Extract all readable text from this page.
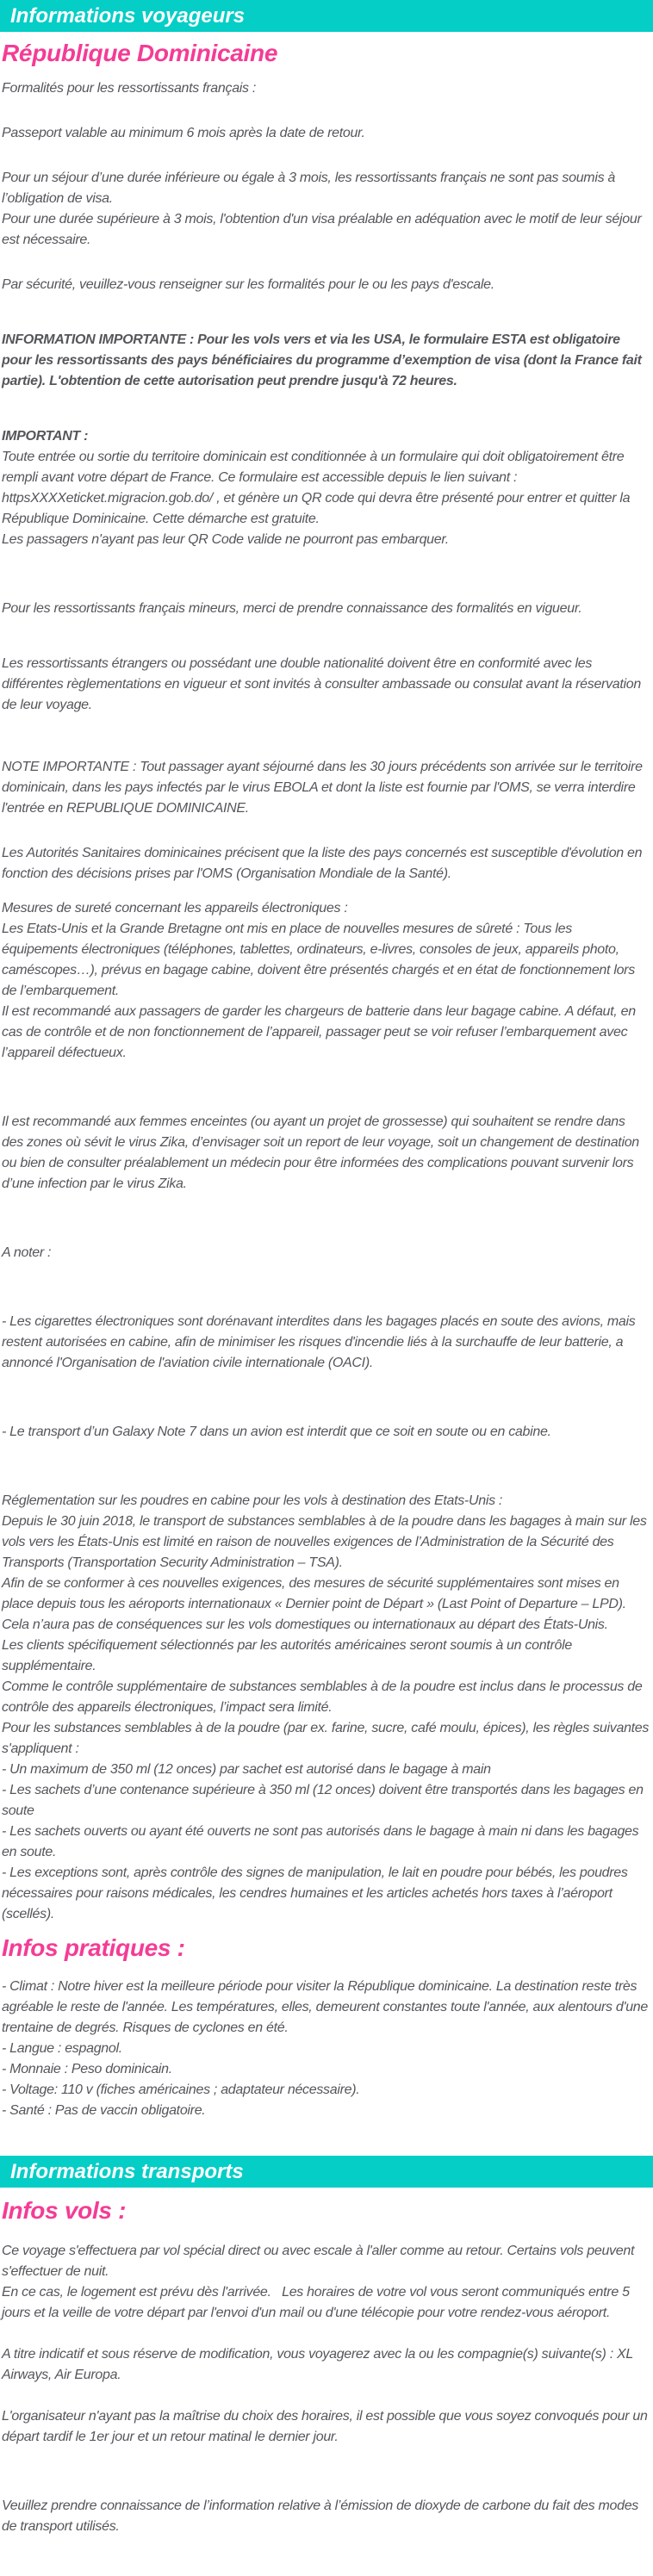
Informations voyageurs
République Dominicaine

Formalités pour les ressortissants français :

Passeport valable au minimum 6 mois après la date de retour.

Pour un séjour d’une durée inférieure ou égale à 3 mois, les ressortissants français ne sont pas soumis à l’obligation de visa.

Pour une durée supérieure à 3 mois, l'obtention d'un visa préalable en adéquation avec le motif de leur séjour est nécessaire.

Par sécurité, veuillez-vous renseigner sur les formalités pour le ou les pays d'escale.

INFORMATION IMPORTANTE : Pour les vols vers et via les USA, le formulaire ESTA est obligatoire pour les ressortissants des pays bénéficiaires du programme d’exemption de visa (dont la France fait partie). L'obtention de cette autorisation peut prendre jusqu'à 72 heures.

IMPORTANT :

Toute entrée ou sortie du territoire dominicain est conditionnée à un formulaire qui doit obligatoirement être rempli avant votre départ de France. Ce formulaire est accessible depuis le lien suivant : httpsXXXXeticket.migracion.gob.do/ , et génère un QR code qui devra être présenté pour entrer et quitter la République Dominicaine. Cette démarche est gratuite.

Les passagers n'ayant pas leur QR Code valide ne pourront pas embarquer.

Pour les ressortissants français mineurs, merci de prendre connaissance des formalités en vigueur.

Les ressortissants étrangers ou possédant une double nationalité doivent être en conformité avec les différentes règlementations en vigueur et sont invités à consulter ambassade ou consulat avant la réservation de leur voyage.

NOTE IMPORTANTE : Tout passager ayant séjourné dans les 30 jours précédents son arrivée sur le territoire dominicain, dans les pays infectés par le virus EBOLA et dont la liste est fournie par l'OMS, se verra interdire l'entrée en REPUBLIQUE DOMINICAINE.

Les Autorités Sanitaires dominicaines précisent que la liste des pays concernés est susceptible d'évolution en fonction des décisions prises par l'OMS (Organisation Mondiale de la Santé).

Mesures de sureté concernant les appareils électroniques :

Les Etats-Unis et la Grande Bretagne ont mis en place de nouvelles mesures de sûreté : Tous les équipements électroniques (téléphones, tablettes, ordinateurs, e-livres, consoles de jeux, appareils photo, caméscopes…), prévus en bagage cabine, doivent être présentés chargés et en état de fonctionnement lors de l’embarquement.

Il est recommandé aux passagers de garder les chargeurs de batterie dans leur bagage cabine. A défaut, en cas de contrôle et de non fonctionnement de l’appareil, passager peut se voir refuser l’embarquement avec l’appareil défectueux.

Il est recommandé aux femmes enceintes (ou ayant un projet de grossesse) qui souhaitent se rendre dans des zones où sévit le virus Zika, d’envisager soit un report de leur voyage, soit un changement de destination ou bien de consulter préalablement un médecin pour être informées des complications pouvant survenir lors d’une infection par le virus Zika.

A noter :

- Les cigarettes électroniques sont dorénavant interdites dans les bagages placés en soute des avions, mais restent autorisées en cabine, afin de minimiser les risques d'incendie liés à la surchauffe de leur batterie, a annoncé l'Organisation de l'aviation civile internationale (OACI).

- Le transport d’un Galaxy Note 7 dans un avion est interdit que ce soit en soute ou en cabine.

Réglementation sur les poudres en cabine pour les vols à destination des Etats-Unis :

Depuis le 30 juin 2018, le transport de substances semblables à de la poudre dans les bagages à main sur les vols vers les États-Unis est limité en raison de nouvelles exigences de l’Administration de la Sécurité des Transports (Transportation Security Administration – TSA).

Afin de se conformer à ces nouvelles exigences, des mesures de sécurité supplémentaires sont mises en place depuis tous les aéroports internationaux « Dernier point de Départ » (Last Point of Departure – LPD). Cela n’aura pas de conséquences sur les vols domestiques ou internationaux au départ des États-Unis.

Les clients spécifiquement sélectionnés par les autorités américaines seront soumis à un contrôle supplémentaire.

Comme le contrôle supplémentaire de substances semblables à de la poudre est inclus dans le processus de contrôle des appareils électroniques, l’impact sera limité.

Pour les substances semblables à de la poudre (par ex. farine, sucre, café moulu, épices), les règles suivantes s'appliquent :

- Un maximum de 350 ml (12 onces) par sachet est autorisé dans le bagage à main

- Les sachets d’une contenance supérieure à 350 ml (12 onces) doivent être transportés dans les bagages en soute

- Les sachets ouverts ou ayant été ouverts ne sont pas autorisés dans le bagage à main ni dans les bagages en soute.

- Les exceptions sont, après contrôle des signes de manipulation, le lait en poudre pour bébés, les poudres nécessaires pour raisons médicales, les cendres humaines et les articles achetés hors taxes à l’aéroport (scellés).

Infos pratiques :

- Climat : Notre hiver est la meilleure période pour visiter la République dominicaine. La destination reste très agréable le reste de l'année. Les températures, elles, demeurent constantes toute l'année, aux alentours d'une trentaine de degrés. Risques de cyclones en été.

- Langue : espagnol.

- Monnaie : Peso dominicain.

- Voltage: 110 v (fiches américaines ; adaptateur nécessaire).

- Santé : Pas de vaccin obligatoire.

Informations transports
Infos vols :

Ce voyage s'effectuera par vol spécial direct ou avec escale à l'aller comme au retour. Certains vols peuvent s'effectuer de nuit.

En ce cas, le logement est prévu dès l'arrivée.   Les horaires de votre vol vous seront communiqués entre 5 jours et la veille de votre départ par l'envoi d'un mail ou d'une télécopie pour votre rendez-vous aéroport.

A titre indicatif et sous réserve de modification, vous voyagerez avec la ou les compagnie(s) suivante(s) : XL Airways, Air Europa.

L'organisateur n'ayant pas la maîtrise du choix des horaires, il est possible que vous soyez convoqués pour un départ tardif le 1er jour et un retour matinal le dernier jour.

Veuillez prendre connaissance de l’information relative à l’émission de dioxyde de carbone du fait des modes de transport utilisés.
